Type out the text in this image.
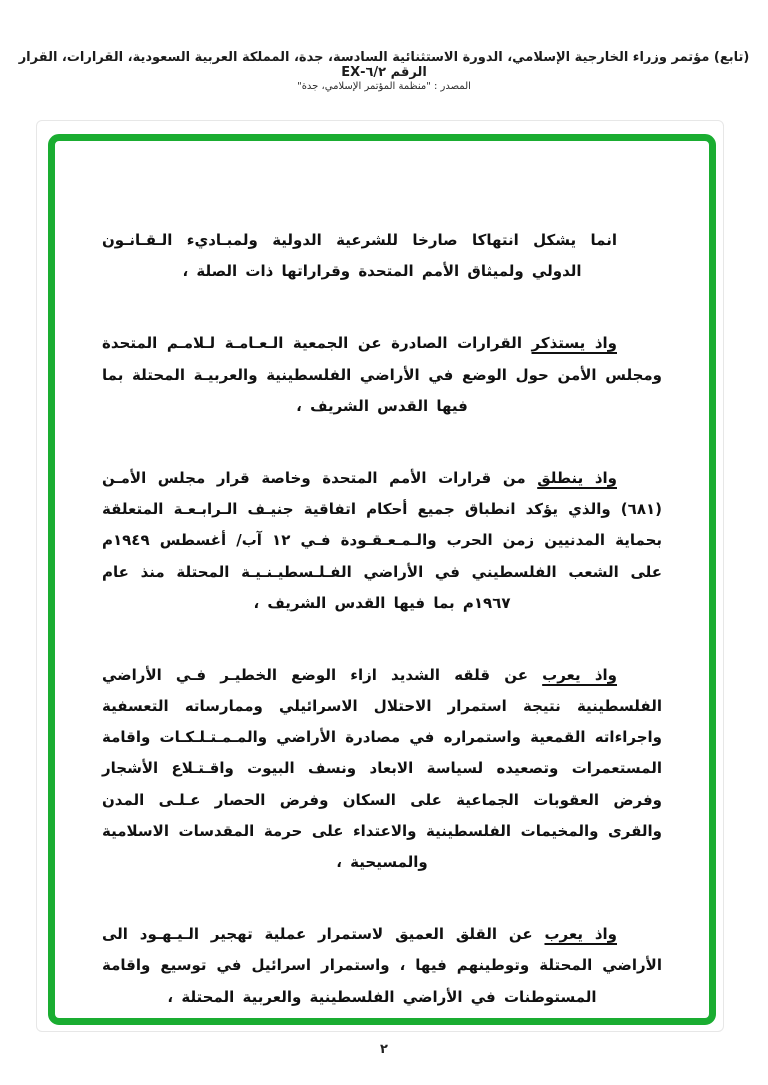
(تابع) مؤتمر وزراء الخارجية الإسلامي، الدورة الاستثنائية السادسة، جدة، المملكة العربية السعودية، القرارات، القرار الرقم ٦/٢-EX
المصدر : "منظمة المؤتمر الإسلامي، جدة"

انما يشكل انتهاكا صارخا للشرعية الدولية ولمبـاديء الـقـانـون الدولي ولميثاق الأمم المتحدة وقراراتها ذات الصلة ،

واذ يستذكر القرارات الصادرة عن الجمعية الـعـامـة لـلامـم المتحدة ومجلس الأمن حول الوضع في الأراضي الفلسطينية والعربيـة المحتلة بما فيها القدس الشريف ،

واذ ينطلق من قرارات الأمم المتحدة وخاصة قرار مجلس الأمـن (٦٨١) والذي يؤكد انطباق جميع أحكام اتفاقية جنيـف الـرابـعـة المتعلقة بحماية المدنيين زمن الحرب والـمـعـقـودة فـي ١٢ آب/ أغسطس ١٩٤٩م على الشعب الفلسطيني في الأراضي الفـلـسطيـنـيـة المحتلة منذ عام ١٩٦٧م بما فيها القدس الشريف ،

واذ يعرب عن قلقه الشديد ازاء الوضع الخطيـر فـي الأراضي الفلسطينية نتيجة استمرار الاحتلال الاسرائيلي وممارساته التعسفية واجراءاته القمعية واستمراره في مصادرة الأراضي والمـمـتـلـكـات واقامة المستعمرات وتصعيده لسياسة الابعاد ونسف البيوت واقـتـلاع الأشجار وفرض العقوبات الجماعية على السكان وفرض الحصار عـلـى المدن والقرى والمخيمات الفلسطينية والاعتداء على حرمة المقدسات الاسلامية والمسيحية ،

واذ يعرب عن القلق العميق لاستمرار عملية تهجير الـيـهـود الى الأراضي المحتلة وتوطينهم فيها ، واستمرار اسرائيل في توسيع واقامة المستوطنات في الأراضي الفلسطينية والعربية المحتلة ،

٢
